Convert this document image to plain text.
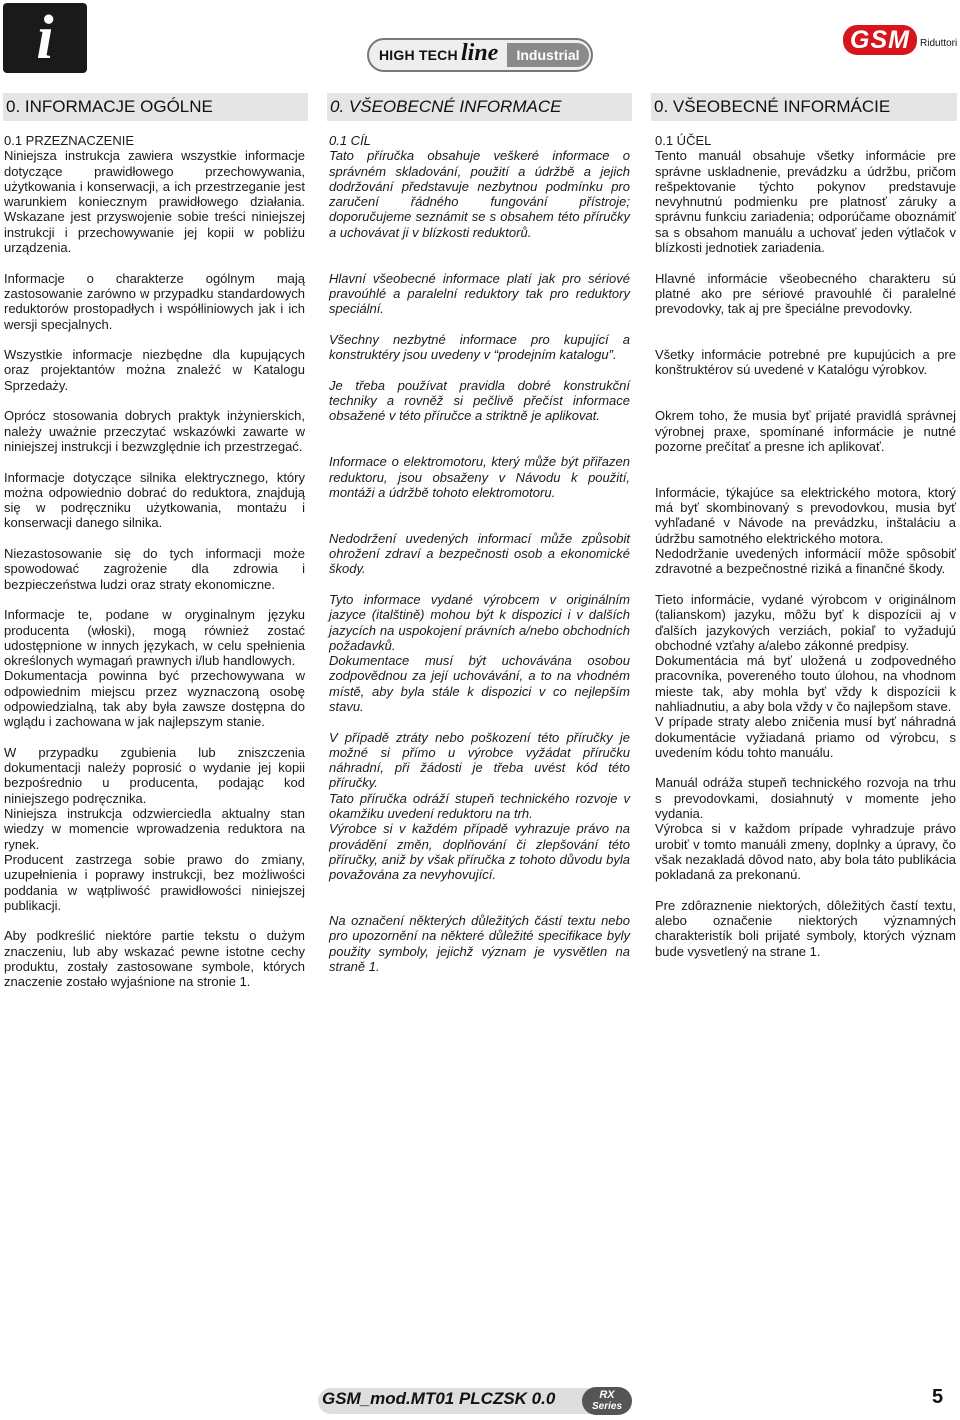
i	HIGH TECH line	Industrial
GSM	Riduttori
0. INFORMACJE OGÓLNE	0. VŠEOBECNÉ INFORMACE	0. VŠEOBECNÉ INFORMÁCIE
0.1 PRZEZNACZENIE
Niniejsza instrukcja zawiera wszystkie informacje dotyczące prawidłowego przechowywania, użytkowania i konserwacji, a ich przestrzeganie jest warunkiem koniecznym prawidłowego działania. Wskazane jest przyswojenie sobie treści niniejszej instrukcji i przechowywanie jej kopii w pobliżu urządzenia.
Informacje o charakterze ogólnym mają zastosowanie zarówno w przypadku standardowych reduktorów prostopadłych i współliniowych jak i ich wersji specjalnych.
Wszystkie informacje niezbędne dla kupujących oraz projektantów można znaleźć w Katalogu Sprzedaży.
Oprócz stosowania dobrych praktyk inżynierskich, należy uważnie przeczytać wskazówki zawarte w niniejszej instrukcji i bezwzględnie ich przestrzegać.
Informacje dotyczące silnika elektrycznego, który można odpowiednio dobrać do reduktora, znajdują się w podręczniku użytkowania, montażu i konserwacji danego silnika.
Niezastosowanie się do tych informacji może spowodować zagrożenie dla zdrowia i bezpieczeństwa ludzi oraz straty ekonomiczne.
Informacje te, podane w oryginalnym języku producenta (włoski), mogą również zostać udostępnione w innych językach, w celu spełnienia określonych wymagań prawnych i/lub handlowych.
Dokumentacja powinna być przechowywana w odpowiednim miejscu przez wyznaczoną osobę odpowiedzialną, tak aby była zawsze dostępna do wglądu i zachowana w jak najlepszym stanie.
W przypadku zgubienia lub zniszczenia dokumentacji należy poprosić o wydanie jej kopii bezpośrednio u producenta, podając kod niniejszego podręcznika.
Niniejsza instrukcja odzwierciedla aktualny stan wiedzy w momencie wprowadzenia reduktora na rynek.
Producent zastrzega sobie prawo do zmiany, uzupełnienia i poprawy instrukcji, bez możliwości poddania w wątpliwość prawidłowości niniejszej publikacji.
Aby podkreślić niektóre partie tekstu o dużym znaczeniu, lub aby wskazać pewne istotne cechy produktu, zostały zastosowane symbole, których znaczenie zostało wyjaśnione na stronie 1.
0.1 CÍL
Tato příručka obsahuje veškeré informace o správném skladování, použití a údržbě a jejich dodržování představuje nezbytnou podmínku pro zaručení řádného fungování přístroje; doporučujeme seznámit se s obsahem této příručky a uchovávat ji v blízkosti reduktorů.
Hlavní všeobecné informace platí jak pro sériové pravoúhlé a paralelní reduktory tak pro reduktory speciální.
Všechny nezbytné informace pro kupující a konstruktéry jsou uvedeny v “prodejním katalogu”.
Je třeba používat pravidla dobré konstrukční techniky a rovněž si pečlivě přečíst informace obsažené v této příručce a striktně je aplikovat.
Informace o elektromotoru, který může být přiřazen reduktoru, jsou obsaženy v Návodu k použití, montáži a údržbě tohoto elektromotoru.
Nedodržení uvedených informací může způsobit ohrožení zdraví a bezpečnosti osob a ekonomické škody.
Tyto informace vydané výrobcem v originálním jazyce (italštině) mohou být k dispozici i v dalších jazycích na uspokojení právních a/nebo obchodních požadavků.
Dokumentace musí být uchovávána osobou zodpovědnou za její uchovávání, a to na vhodném místě, aby byla stále k dispozici v co nejlepším stavu.
V případě ztráty nebo poškození této příručky je možné si přímo u výrobce vyžádat příručku náhradní, při žádosti je třeba uvést kód této příručky.
Tato příručka odráží stupeň technického rozvoje v okamžiku uvedení reduktoru na trh.
Výrobce si v každém případě vyhrazuje právo na provádění změn, doplňování či zlepšování této příručky, aniž by však příručka z tohoto důvodu byla považována za nevyhovující.
Na označení některých důležitých částí textu nebo pro upozornění na některé důležité specifikace byly použity symboly, jejichž význam je vysvětlen na straně 1.
0.1 ÚČEL
Tento manuál obsahuje všetky informácie pre správne uskladnenie, prevádzku a údržbu, pričom rešpektovanie týchto pokynov predstavuje nevyhnutnú podmienku pre platnosť záruky a správnu funkciu zariadenia; odporúčame oboznámiť sa s obsahom manuálu a uchovať jeden výtlačok v blízkosti jednotiek zariadenia.
Hlavné informácie všeobecného charakteru sú platné ako pre sériové pravouhlé či paralelné prevodovky, tak aj pre špeciálne prevodovky.
Všetky informácie potrebné pre kupujúcich a pre konštruktérov sú uvedené v Katalógu výrobkov.
Okrem toho, že musia byť prijaté pravidlá správnej výrobnej praxe, spomínané informácie je nutné pozorne prečítať a presne ich aplikovať.
Informácie, týkajúce sa elektrického motora, ktorý má byť skombinovaný s prevodovkou, musia byť vyhľadané v Návode na prevádzku, inštaláciu a údržbu samotného elektrického motora.
Nedodržanie uvedených informácií môže spôsobiť zdravotné a bezpečnostné riziká a finančné škody.
Tieto informácie, vydané výrobcom v originálnom (talianskom) jazyku, môžu byť k dispozícii aj v ďalších jazykových verziách, pokiaľ to vyžadujú obchodné vzťahy a/alebo zákonné predpisy.
Dokumentácia má byť uložená u zodpovedného pracovníka, povereného touto úlohou, na vhodnom mieste tak, aby mohla byť vždy k dispozícii k nahliadnutiu, a aby bola vždy v čo najlepšom stave.
V prípade straty alebo zničenia musí byť náhradná dokumentácie vyžiadaná priamo od výrobcu, s uvedením kódu tohto manuálu.
Manuál odráža stupeň technického rozvoja na trhu s prevodovkami, dosiahnutý v momente jeho vydania.
Výrobca si v každom prípade vyhradzuje právo urobiť v tomto manuáli zmeny, doplnky a úpravy, čo však nezakladá dôvod nato, aby bola táto publikácia pokladaná za prekonanú.
Pre zdôraznenie niektorých, dôležitých častí textu, alebo označenie niektorých významných charakteristík boli prijaté symboly, ktorých význam bude vysvetlený na strane 1.
GSM_mod.MT01 PLCZSK 0.0	RX
Series	5
